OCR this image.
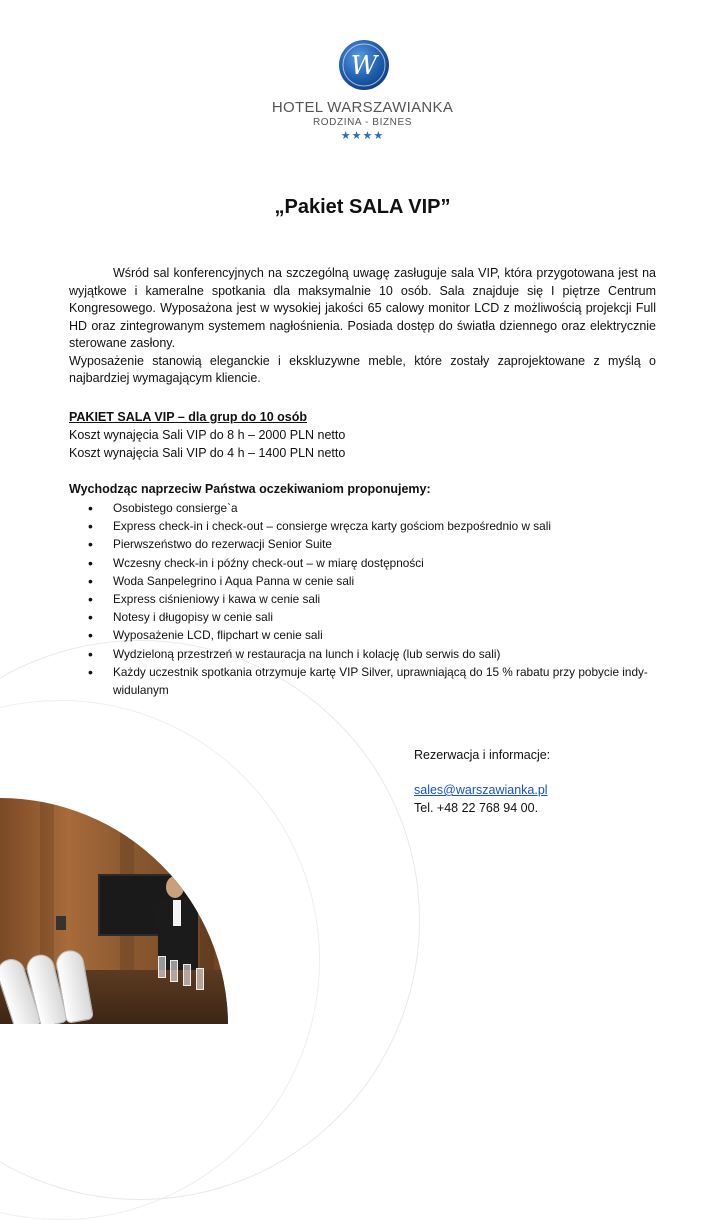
W
HOTEL WARSZAWIANKA
RODZINA - BIZNES
★★★★
„Pakiet SALA VIP”
Wśród sal konferencyjnych na szczególną uwagę zasługuje sala VIP, która przygotowana jest na wyjątkowe i kameralne spotkania dla maksymalnie 10 osób. Sala znajduje się I piętrze Centrum Kongresowego. Wyposażona jest w wysokiej jakości 65 calowy monitor LCD z możliwością projekcji Full HD oraz zintegrowanym systemem nagłośnienia. Posiada dostęp do światła dziennego oraz elektrycznie sterowane zasłony.
Wyposażenie stanowią eleganckie i ekskluzywne meble, które zostały zaprojektowane z myślą o najbardziej wymagającym kliencie.
PAKIET SALA VIP – dla grup do 10 osób
Koszt wynajęcia Sali VIP do 8 h – 2000 PLN netto
Koszt wynajęcia Sali VIP do 4 h – 1400 PLN netto
Wychodząc naprzeciw Państwa oczekiwaniom proponujemy:
• Osobistego consierge`a
• Express check-in i check-out – consierge wręcza karty gościom bezpośrednio w sali
• Pierwszeństwo do rezerwacji Senior Suite
• Wczesny check-in i późny check-out – w miarę dostępności
• Woda Sanpelegrino i Aqua Panna w cenie sali
• Express ciśnieniowy i kawa w cenie sali
• Notesy i długopisy w cenie sali
• Wyposażenie LCD, flipchart w cenie sali
• Wydzieloną przestrzeń w restauracja na lunch i kolację (lub serwis do sali)
• Każdy uczestnik spotkania otrzymuje kartę VIP Silver, uprawniającą do 15 % rabatu przy pobycie indy-widulanym
Rezerwacja i informacje:
sales@warszawianka.pl
Tel. +48 22 768 94 00.
